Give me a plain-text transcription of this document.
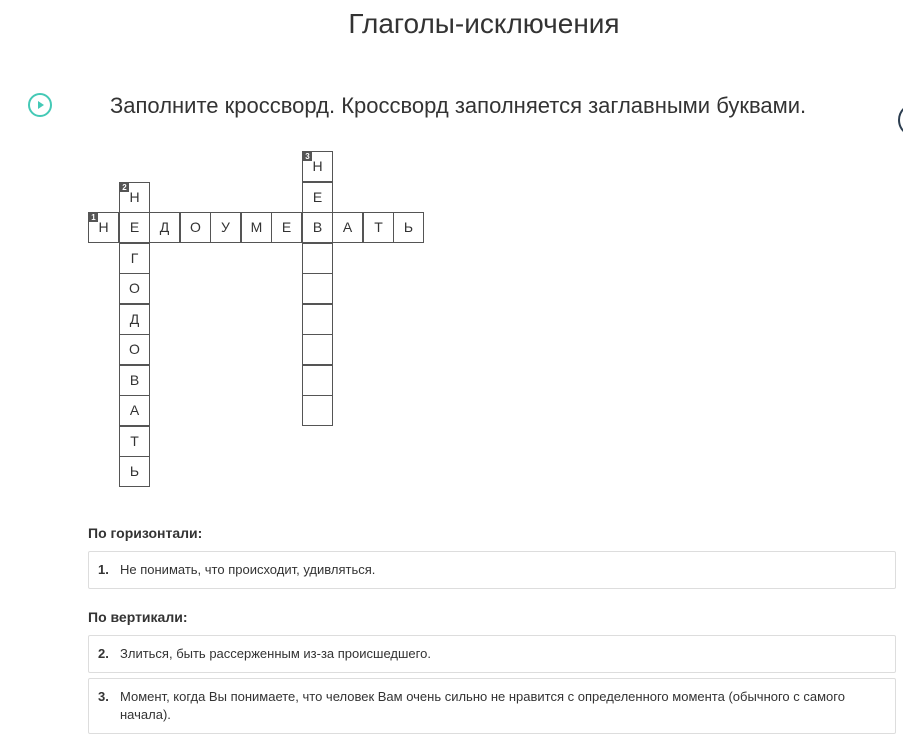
Глаголы-исключения
Заполните кроссворд. Кроссворд заполняется заглавными буквами.
Н
3
Н
2
Е
Н
1
Е	Д	О	У	М	Е	В	А	Т	Ь
Г
О
Д
О
В
А
Т
Ь
По горизонтали:
1. Не понимать, что происходит, удивляться.
По вертикали:
2. Злиться, быть рассерженным из-за происшедшего.
3. Момент, когда Вы понимаете, что человек Вам очень сильно не нравится с определенного момента (обычного с самого начала).
